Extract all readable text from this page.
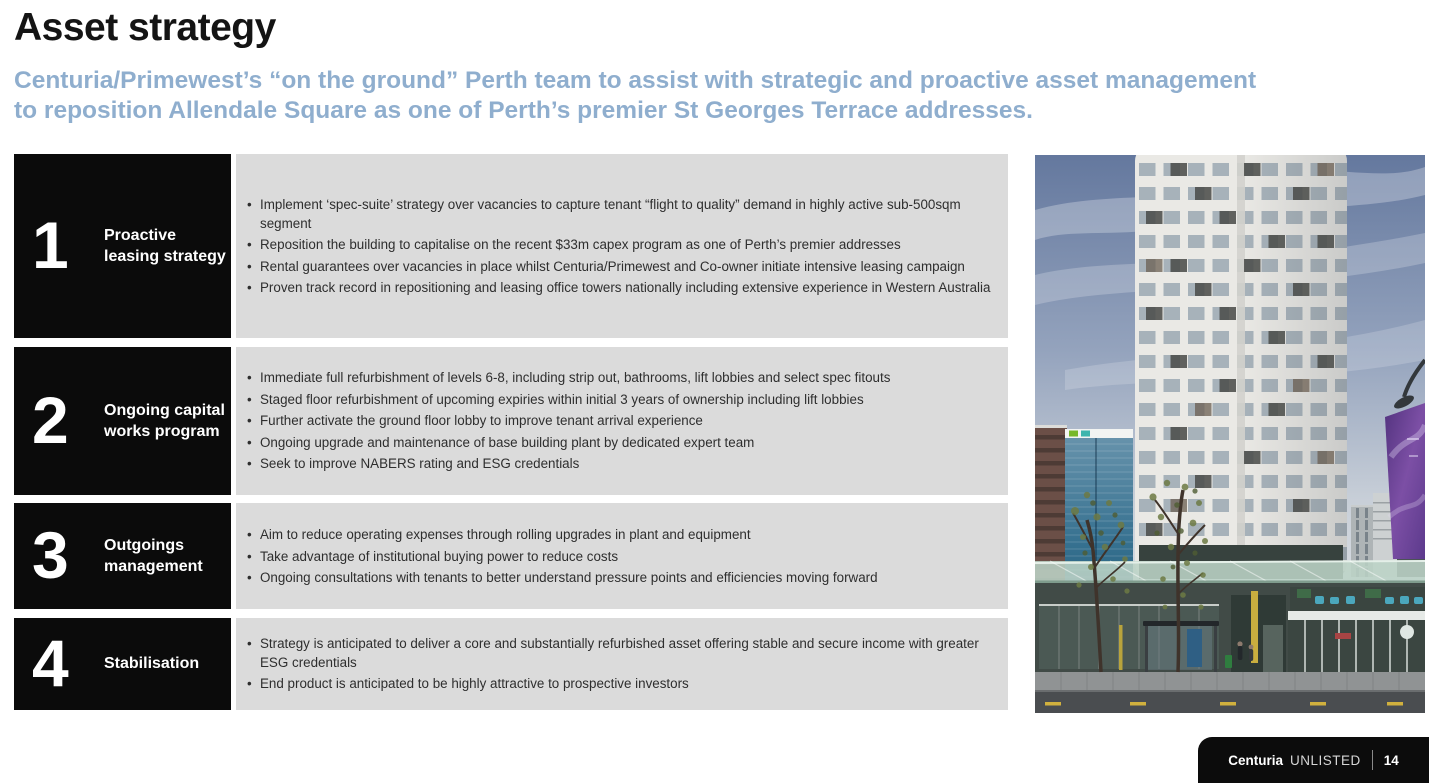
Asset strategy
Centuria/Primewest’s “on the ground” Perth team to assist with strategic and proactive asset management to reposition Allendale Square as one of Perth’s premier St Georges Terrace addresses.
1	Proactive leasing strategy
• Implement ‘spec-suite’ strategy over vacancies to capture tenant “flight to quality” demand in highly active sub-500sqm segment
• Reposition the building to capitalise on the recent $33m capex program as one of Perth’s premier addresses
• Rental guarantees over vacancies in place whilst Centuria/Primewest and Co-owner initiate intensive leasing campaign
• Proven track record in repositioning and leasing office towers nationally including extensive experience in Western Australia
2	Ongoing capital works program
• Immediate full refurbishment of levels 6-8, including strip out, bathrooms, lift lobbies and select spec fitouts
• Staged floor refurbishment of upcoming expiries within initial 3 years of ownership including lift lobbies
• Further activate the ground floor lobby to improve tenant arrival experience
• Ongoing upgrade and maintenance of base building plant by dedicated expert team
• Seek to improve NABERS rating and ESG credentials
3	Outgoings management
• Aim to reduce operating expenses through rolling upgrades in plant and equipment
• Take advantage of institutional buying power to reduce costs
• Ongoing consultations with tenants to better understand pressure points and efficiencies moving forward
4	Stabilisation
• Strategy is anticipated to deliver a core and substantially refurbished asset offering stable and secure income with greater ESG credentials
• End product is anticipated to be highly attractive to prospective investors
Centuria UNLISTED 14
